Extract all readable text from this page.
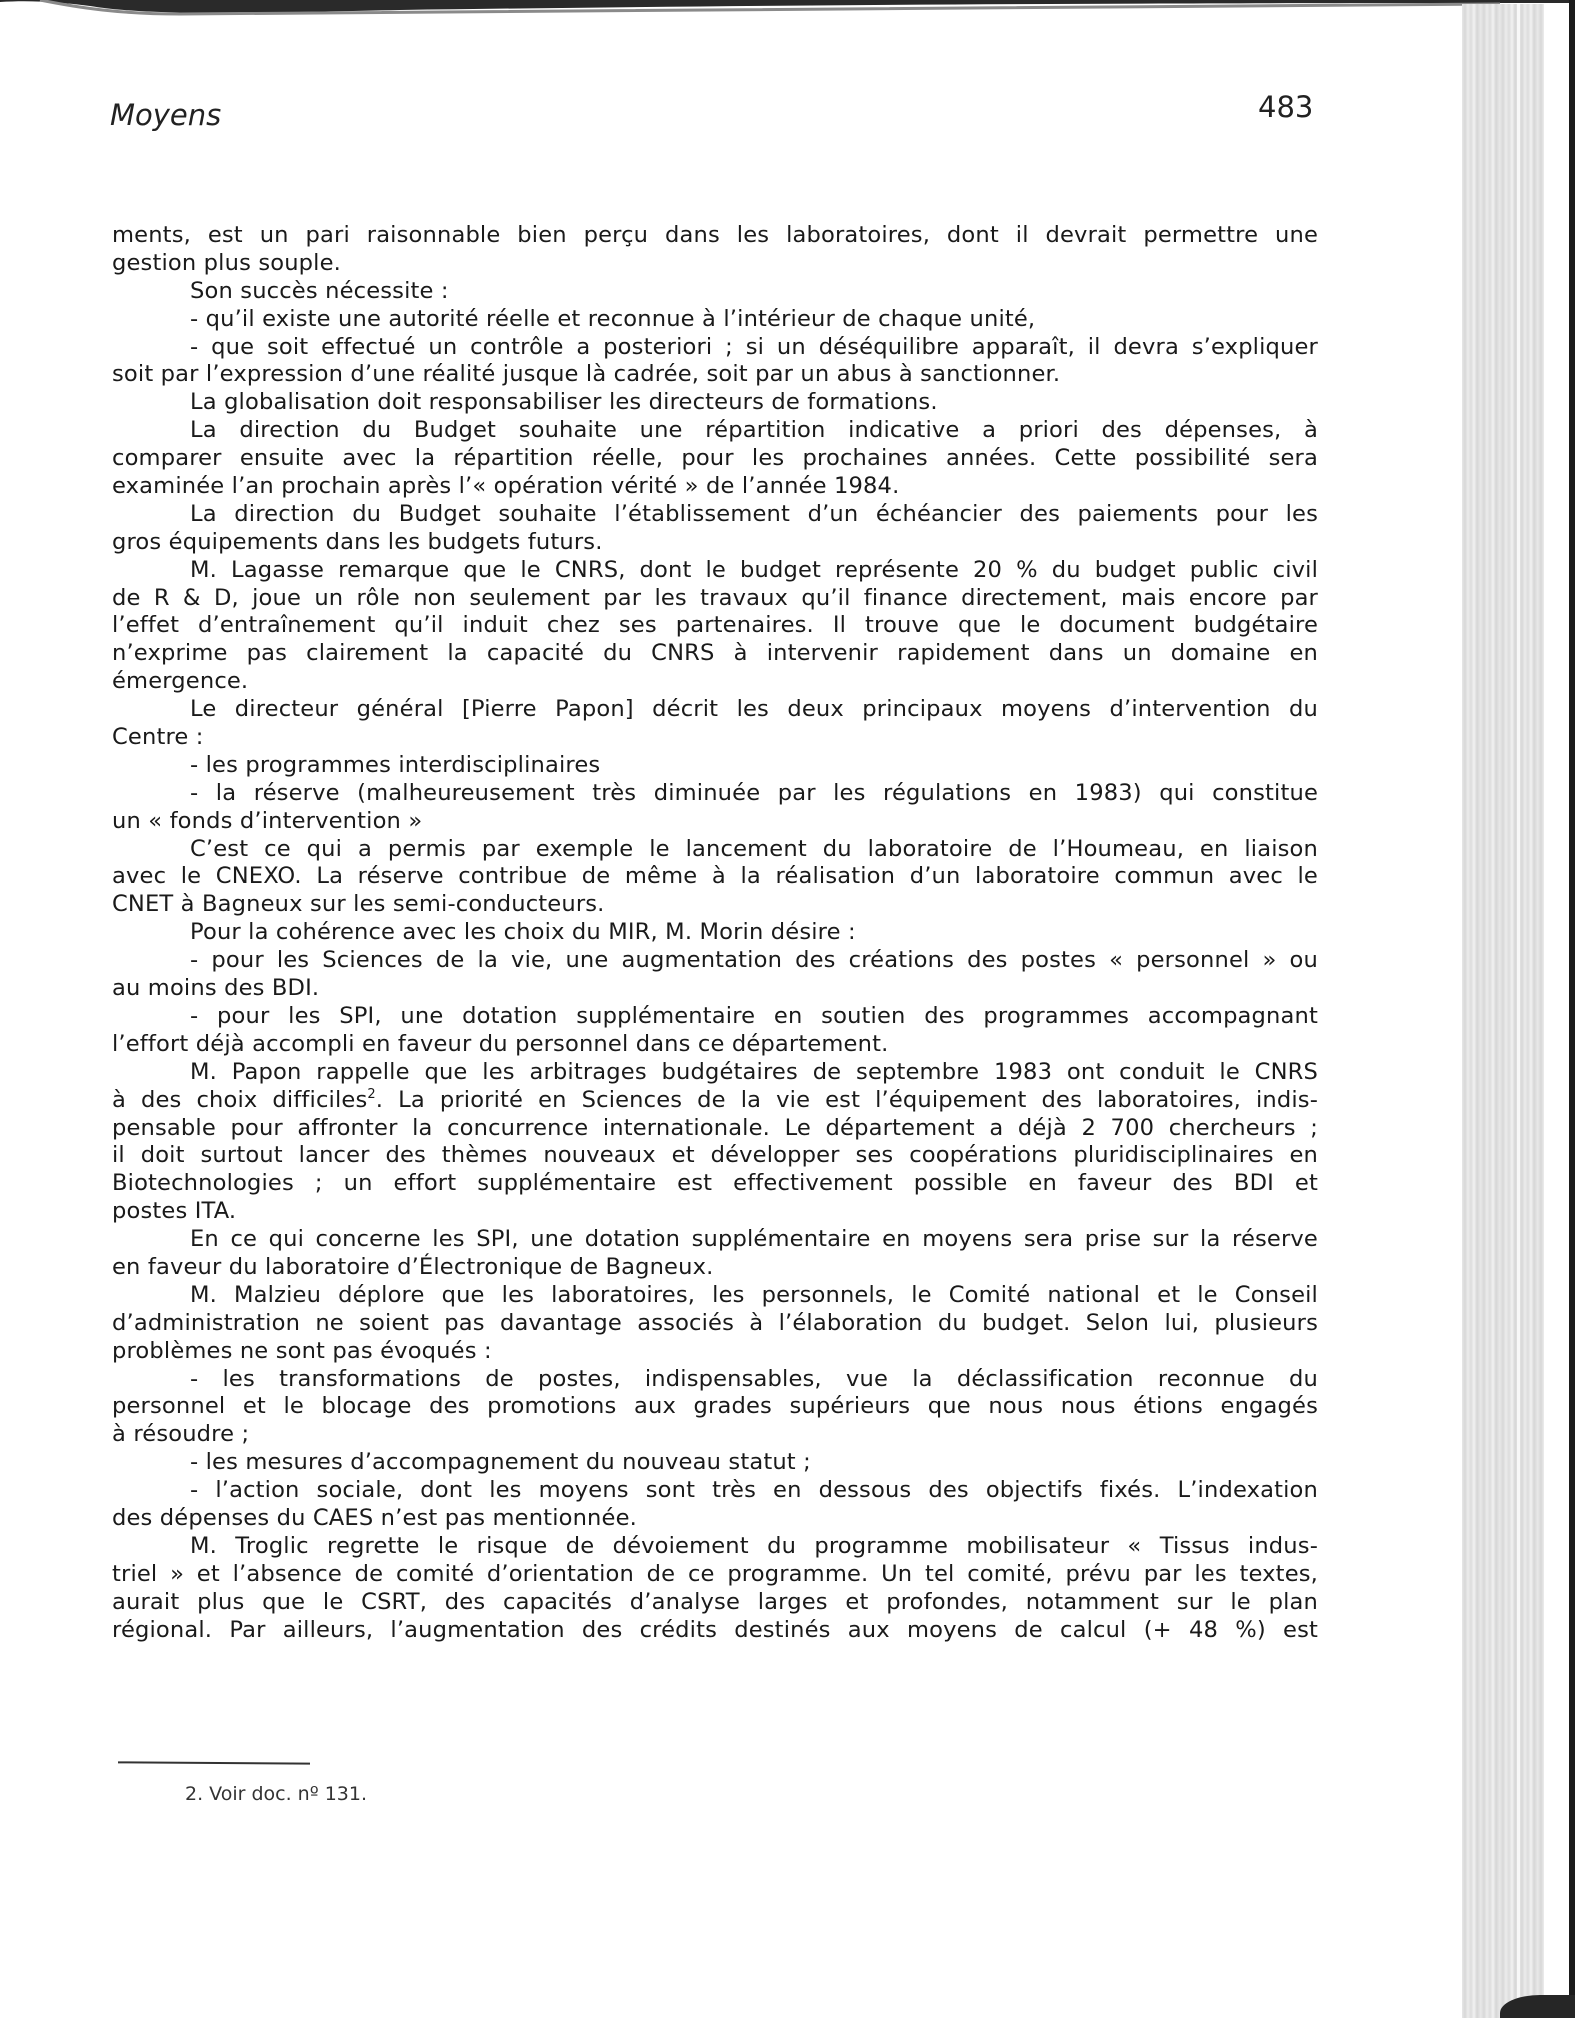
Moyens	483
ments, est un pari raisonnable bien perçu dans les laboratoires, dont il devrait permettre une
gestion plus souple.
Son succès nécessite :
- qu’il existe une autorité réelle et reconnue à l’intérieur de chaque unité,
- que soit effectué un contrôle a posteriori ; si un déséquilibre apparaît, il devra s’expliquer
soit par l’expression d’une réalité jusque là cadrée, soit par un abus à sanctionner.
La globalisation doit responsabiliser les directeurs de formations.
La direction du Budget souhaite une répartition indicative a priori des dépenses, à
comparer ensuite avec la répartition réelle, pour les prochaines années. Cette possibilité sera
examinée l’an prochain après l’« opération vérité » de l’année 1984.
La direction du Budget souhaite l’établissement d’un échéancier des paiements pour les
gros équipements dans les budgets futurs.
M. Lagasse remarque que le CNRS, dont le budget représente 20 % du budget public civil
de R & D, joue un rôle non seulement par les travaux qu’il finance directement, mais encore par
l’effet d’entraînement qu’il induit chez ses partenaires. Il trouve que le document budgétaire
n’exprime pas clairement la capacité du CNRS à intervenir rapidement dans un domaine en
émergence.
Le directeur général [Pierre Papon] décrit les deux principaux moyens d’intervention du
Centre :
- les programmes interdisciplinaires
- la réserve (malheureusement très diminuée par les régulations en 1983) qui constitue
un « fonds d’intervention »
C’est ce qui a permis par exemple le lancement du laboratoire de l’Houmeau, en liaison
avec le CNEXO. La réserve contribue de même à la réalisation d’un laboratoire commun avec le
CNET à Bagneux sur les semi-conducteurs.
Pour la cohérence avec les choix du MIR, M. Morin désire :
- pour les Sciences de la vie, une augmentation des créations des postes « personnel » ou
au moins des BDI.
- pour les SPI, une dotation supplémentaire en soutien des programmes accompagnant
l’effort déjà accompli en faveur du personnel dans ce département.
M. Papon rappelle que les arbitrages budgétaires de septembre 1983 ont conduit le CNRS
à des choix difficiles$^2$. La priorité en Sciences de la vie est l’équipement des laboratoires, indis-
pensable pour affronter la concurrence internationale. Le département a déjà 2 700 chercheurs ;
il doit surtout lancer des thèmes nouveaux et développer ses coopérations pluridisciplinaires en
Biotechnologies ; un effort supplémentaire est effectivement possible en faveur des BDI et
postes ITA.
En ce qui concerne les SPI, une dotation supplémentaire en moyens sera prise sur la réserve
en faveur du laboratoire d’Électronique de Bagneux.
M. Malzieu déplore que les laboratoires, les personnels, le Comité national et le Conseil
d’administration ne soient pas davantage associés à l’élaboration du budget. Selon lui, plusieurs
problèmes ne sont pas évoqués :
- les transformations de postes, indispensables, vue la déclassification reconnue du
personnel et le blocage des promotions aux grades supérieurs que nous nous étions engagés
à résoudre ;
- les mesures d’accompagnement du nouveau statut ;
- l’action sociale, dont les moyens sont très en dessous des objectifs fixés. L’indexation
des dépenses du CAES n’est pas mentionnée.
M. Troglic regrette le risque de dévoiement du programme mobilisateur « Tissus indus-
triel » et l’absence de comité d’orientation de ce programme. Un tel comité, prévu par les textes,
aurait plus que le CSRT, des capacités d’analyse larges et profondes, notamment sur le plan
régional. Par ailleurs, l’augmentation des crédits destinés aux moyens de calcul (+ 48 %) est
2. Voir doc. nº 131.
